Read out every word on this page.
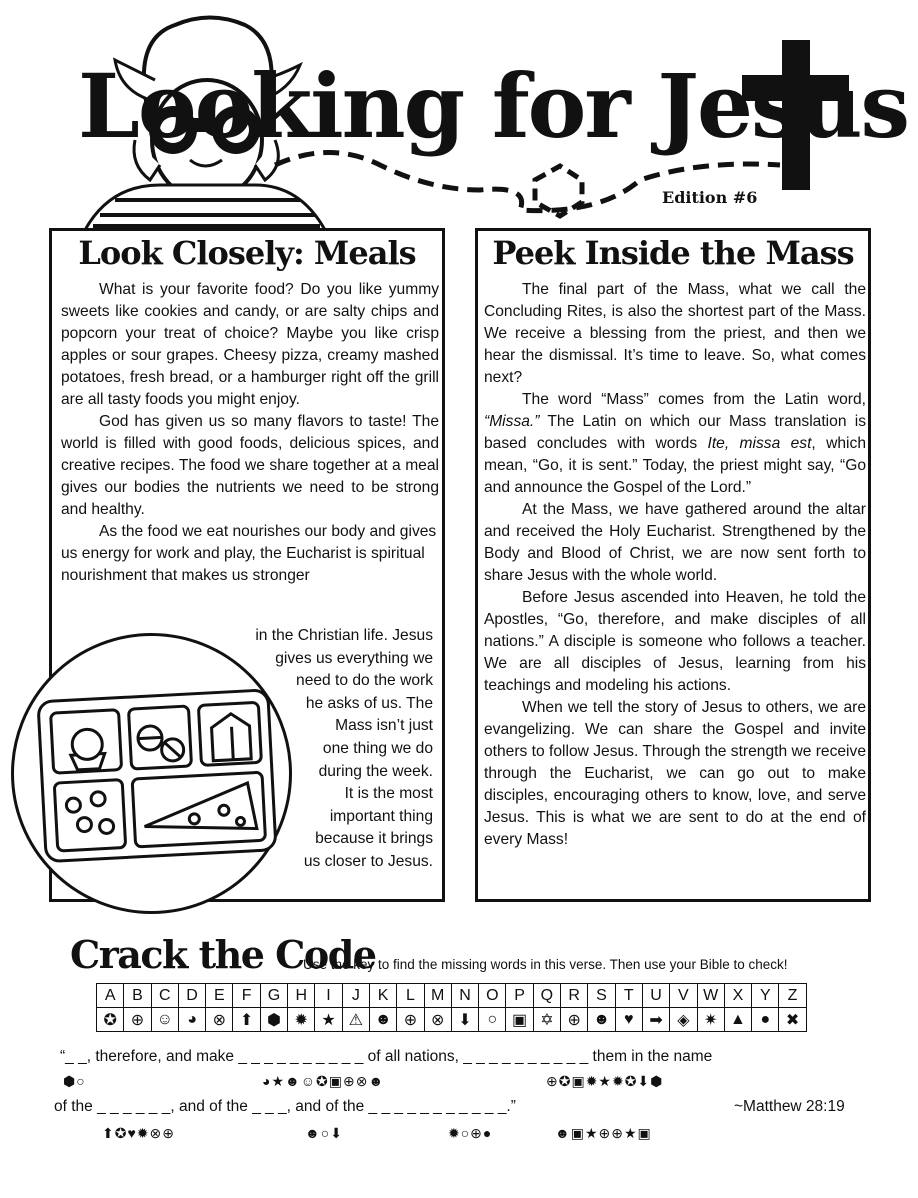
Looking for Jesus
Edition #6
Look Closely: Meals

What is your favorite food? Do you like yummy sweets like cookies and candy, or are salty chips and popcorn your treat of choice? Maybe you like crisp apples or sour grapes. Cheesy pizza, creamy mashed potatoes, fresh bread, or a hamburger right off the grill are all tasty foods you might enjoy.

God has given us so many flavors to taste! The world is filled with good foods, delicious spices, and creative recipes. The food we share together at a meal gives our bodies the nutrients we need to be strong and healthy.

As the food we eat nourishes our body and gives us energy for work and play, the Eucharist is spiritual nourishment that makes us stronger

in the Christian life. Jesus
gives us everything we
need to do the work
he asks of us. The
Mass isn’t just
one thing we do
during the week.
It is the most
important thing
because it brings
us closer to Jesus.
Peek Inside the Mass

The final part of the Mass, what we call the Concluding Rites, is also the shortest part of the Mass. We receive a blessing from the priest, and then we hear the dismissal. It’s time to leave. So, what comes next?

The word “Mass” comes from the Latin word, “Missa.” The Latin on which our Mass translation is based concludes with words Ite, missa est, which mean, “Go, it is sent.” Today, the priest might say, “Go and announce the Gospel of the Lord.”

At the Mass, we have gathered around the altar and received the Holy Eucharist. Strengthened by the Body and Blood of Christ, we are now sent forth to share Jesus with the whole world.

Before Jesus ascended into Heaven, he told the Apostles, “Go, therefore, and make disciples of all nations.” A disciple is someone who follows a teacher. We are all disciples of Jesus, learning from his teachings and modeling his actions.

When we tell the story of Jesus to others, we are evangelizing. We can share the Gospel and invite others to follow Jesus. Through the strength we receive through the Eucharist, we can go out to make disciples, encouraging others to know, love, and serve Jesus. This is what we are sent to do at the end of every Mass!

Crack the Code
Use the key to find the missing words in this verse. Then use your Bible to check!
A	B	C	D	E	F	G	H	I	J	K	L	M	N	O	P	Q	R	S	T	U	V	W	X	Y	Z
✪	⊕	☺	◕	⊗	⬆	⬢	✹	★	⚠	☻	⊕	⊗	⬇	○	▣	✡	⊕	☻	♥	➡	◈	✷	▲	●	✖
“_ _, therefore, and make _ _ _ _ _ _ _ _ _ _ of all nations, _ _ _ _ _ _ _ _ _ _ them in the name
⬢○	◕★☻☺✪▣⊕⊗☻	⊕✪▣✹★✹✪⬇⬢
of the _ _ _ _ _ _, and of the _ _ _, and of the _ _ _ _ _ _ _ _ _ _ _.”	~Matthew 28:19
⬆✪♥✹⊗⊕	☻○⬇	✹○⊕●	☻▣★⊕⊕★▣
